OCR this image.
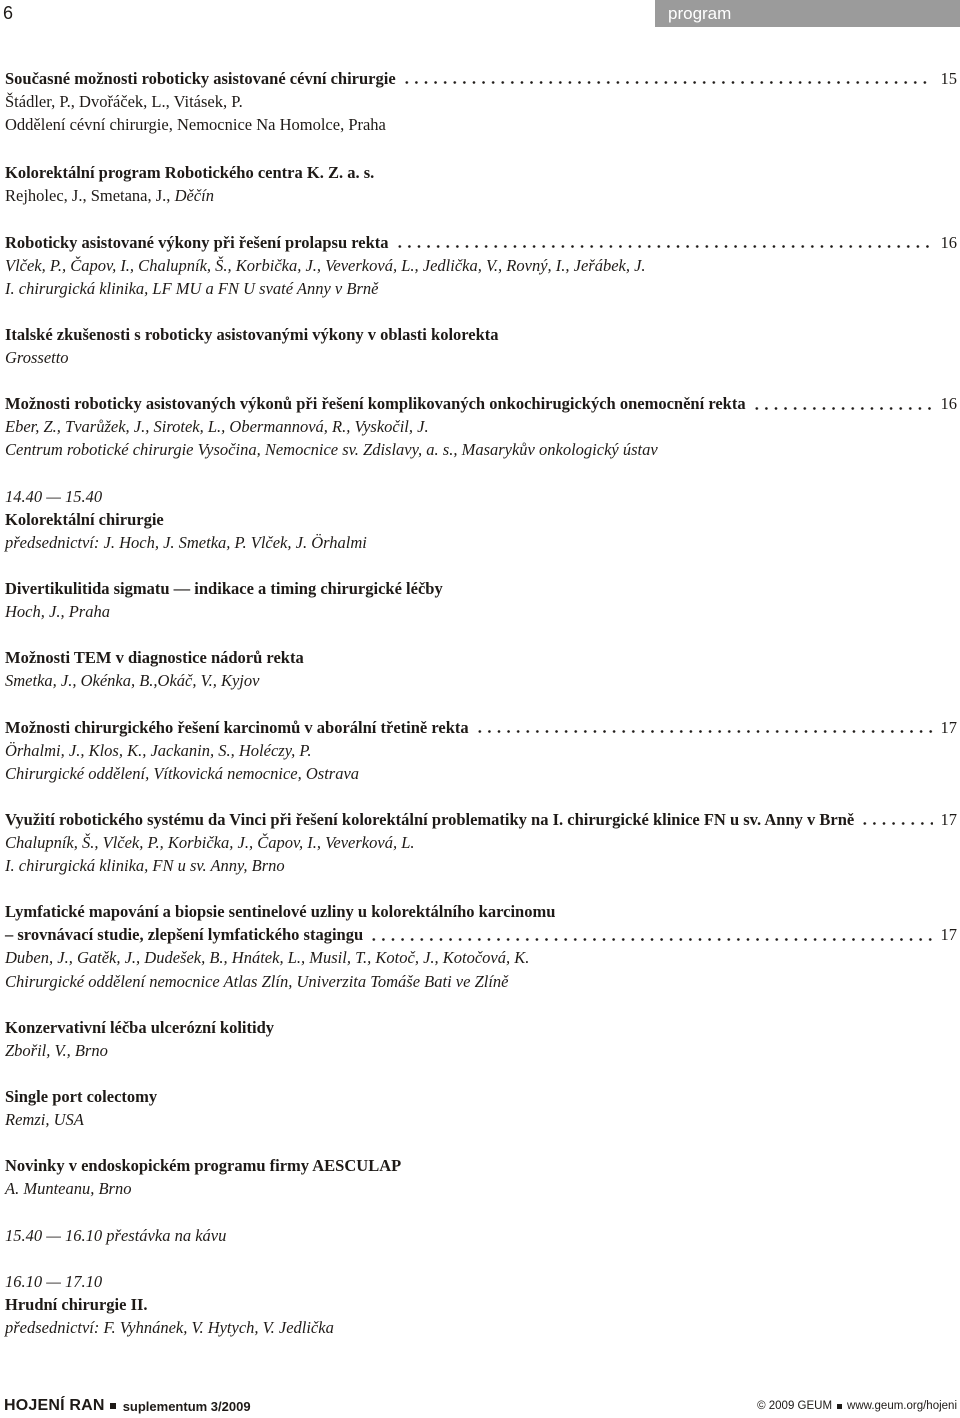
6	program
Současné možnosti roboticky asistované cévní chirurgie	15
Štádler, P., Dvořáček, L., Vitásek, P.
Oddělení cévní chirurgie, Nemocnice Na Homolce, Praha
Kolorektální program Robotického centra K. Z. a. s.
Rejholec, J., Smetana, J., Děčín
Roboticky asistované výkony při řešení prolapsu rekta	16
Vlček, P., Čapov, I., Chalupník, Š., Korbička, J., Veverková, L., Jedlička, V., Rovný, I., Jeřábek, J.
I. chirurgická klinika, LF MU a FN U svaté Anny v Brně
Italské zkušenosti s roboticky asistovanými výkony v oblasti kolorekta
Grossetto
Možnosti roboticky asistovaných výkonů při řešení komplikovaných onkochirugických onemocnění rekta	16
Eber, Z., Tvarůžek, J., Sirotek, L., Obermannová, R., Vyskočil, J.
Centrum robotické chirurgie Vysočina, Nemocnice sv. Zdislavy, a. s., Masarykův onkologický ústav
14.40 — 15.40
Kolorektální chirurgie
předsednictví: J. Hoch, J. Smetka, P. Vlček, J. Örhalmi
Divertikulitida sigmatu — indikace a timing chirurgické léčby
Hoch, J., Praha
Možnosti TEM v diagnostice nádorů rekta
Smetka, J., Okénka, B.,Okáč, V., Kyjov
Možnosti chirurgického řešení karcinomů v aborální třetině rekta	17
Örhalmi, J., Klos, K., Jackanin, S., Holéczy, P.
Chirurgické oddělení, Vítkovická nemocnice, Ostrava
Využití robotického systému da Vinci při řešení kolorektální problematiky na I. chirurgické klinice FN u sv. Anny v Brně	17
Chalupník, Š., Vlček, P., Korbička, J., Čapov, I., Veverková, L.
I. chirurgická klinika, FN u sv. Anny, Brno
Lymfatické mapování a biopsie sentinelové uzliny u kolorektálního karcinomu
– srovnávací studie, zlepšení lymfatického stagingu	17
Duben, J., Gatěk, J., Dudešek, B., Hnátek, L., Musil, T., Kotoč, J., Kotočová, K.
Chirurgické oddělení nemocnice Atlas Zlín, Univerzita Tomáše Bati ve Zlíně
Konzervativní léčba ulcerózní kolitidy
Zbořil, V., Brno
Single port colectomy
Remzi, USA
Novinky v endoskopickém programu firmy AESCULAP
A. Munteanu, Brno
15.40 — 16.10 přestávka na kávu
16.10 — 17.10
Hrudní chirurgie II.
předsednictví: F. Vyhnánek, V. Hytych, V. Jedlička
HOJENÍ RAN suplementum 3/2009	© 2009 GEUM www.geum.org/hojeni
